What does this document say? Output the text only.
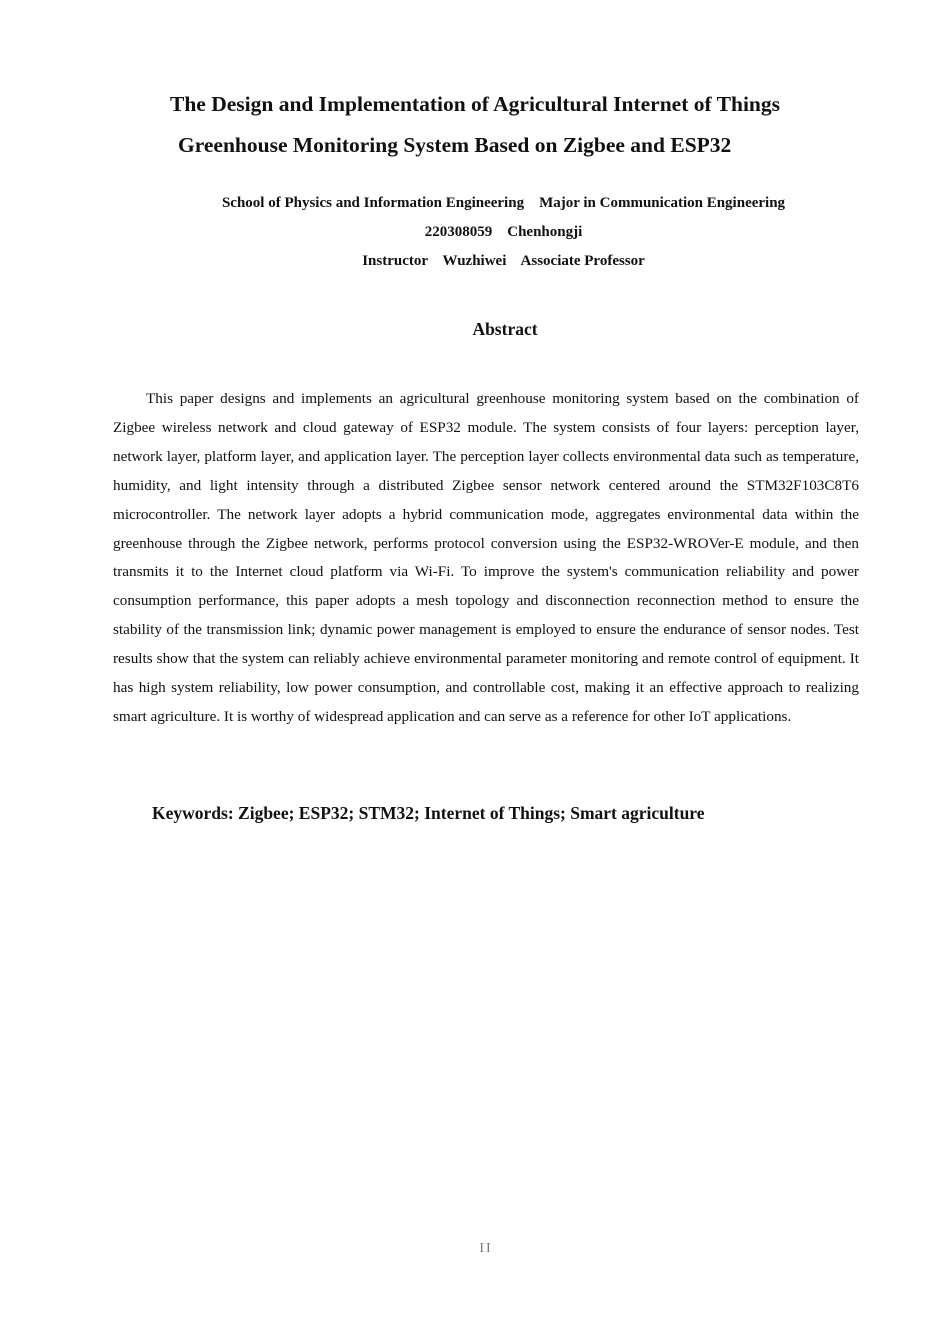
The Design and Implementation of Agricultural Internet of Things
Greenhouse Monitoring System Based on Zigbee and ESP32
School of Physics and Information Engineering    Major in Communication Engineering
220308059    Chenhongji
Instructor    Wuzhiwei    Associate Professor
Abstract

This paper designs and implements an agricultural greenhouse monitoring system based on the combination of Zigbee wireless network and cloud gateway of ESP32 module. The system consists of four layers: perception layer, network layer, platform layer, and application layer. The perception layer collects environmental data such as temperature, humidity, and light intensity through a distributed Zigbee sensor network centered around the STM32F103C8T6 microcontroller. The network layer adopts a hybrid communication mode, aggregates environmental data within the greenhouse through the Zigbee network, performs protocol conversion using the ESP32-WROVer-E module, and then transmits it to the Internet cloud platform via Wi-Fi. To improve the system's communication reliability and power consumption performance, this paper adopts a mesh topology and disconnection reconnection method to ensure the stability of the transmission link; dynamic power management is employed to ensure the endurance of sensor nodes. Test results show that the system can reliably achieve environmental parameter monitoring and remote control of equipment. It has high system reliability, low power consumption, and controllable cost, making it an effective approach to realizing smart agriculture. It is worthy of widespread application and can serve as a reference for other IoT applications.

Keywords: Zigbee; ESP32; STM32; Internet of Things; Smart agriculture
II
